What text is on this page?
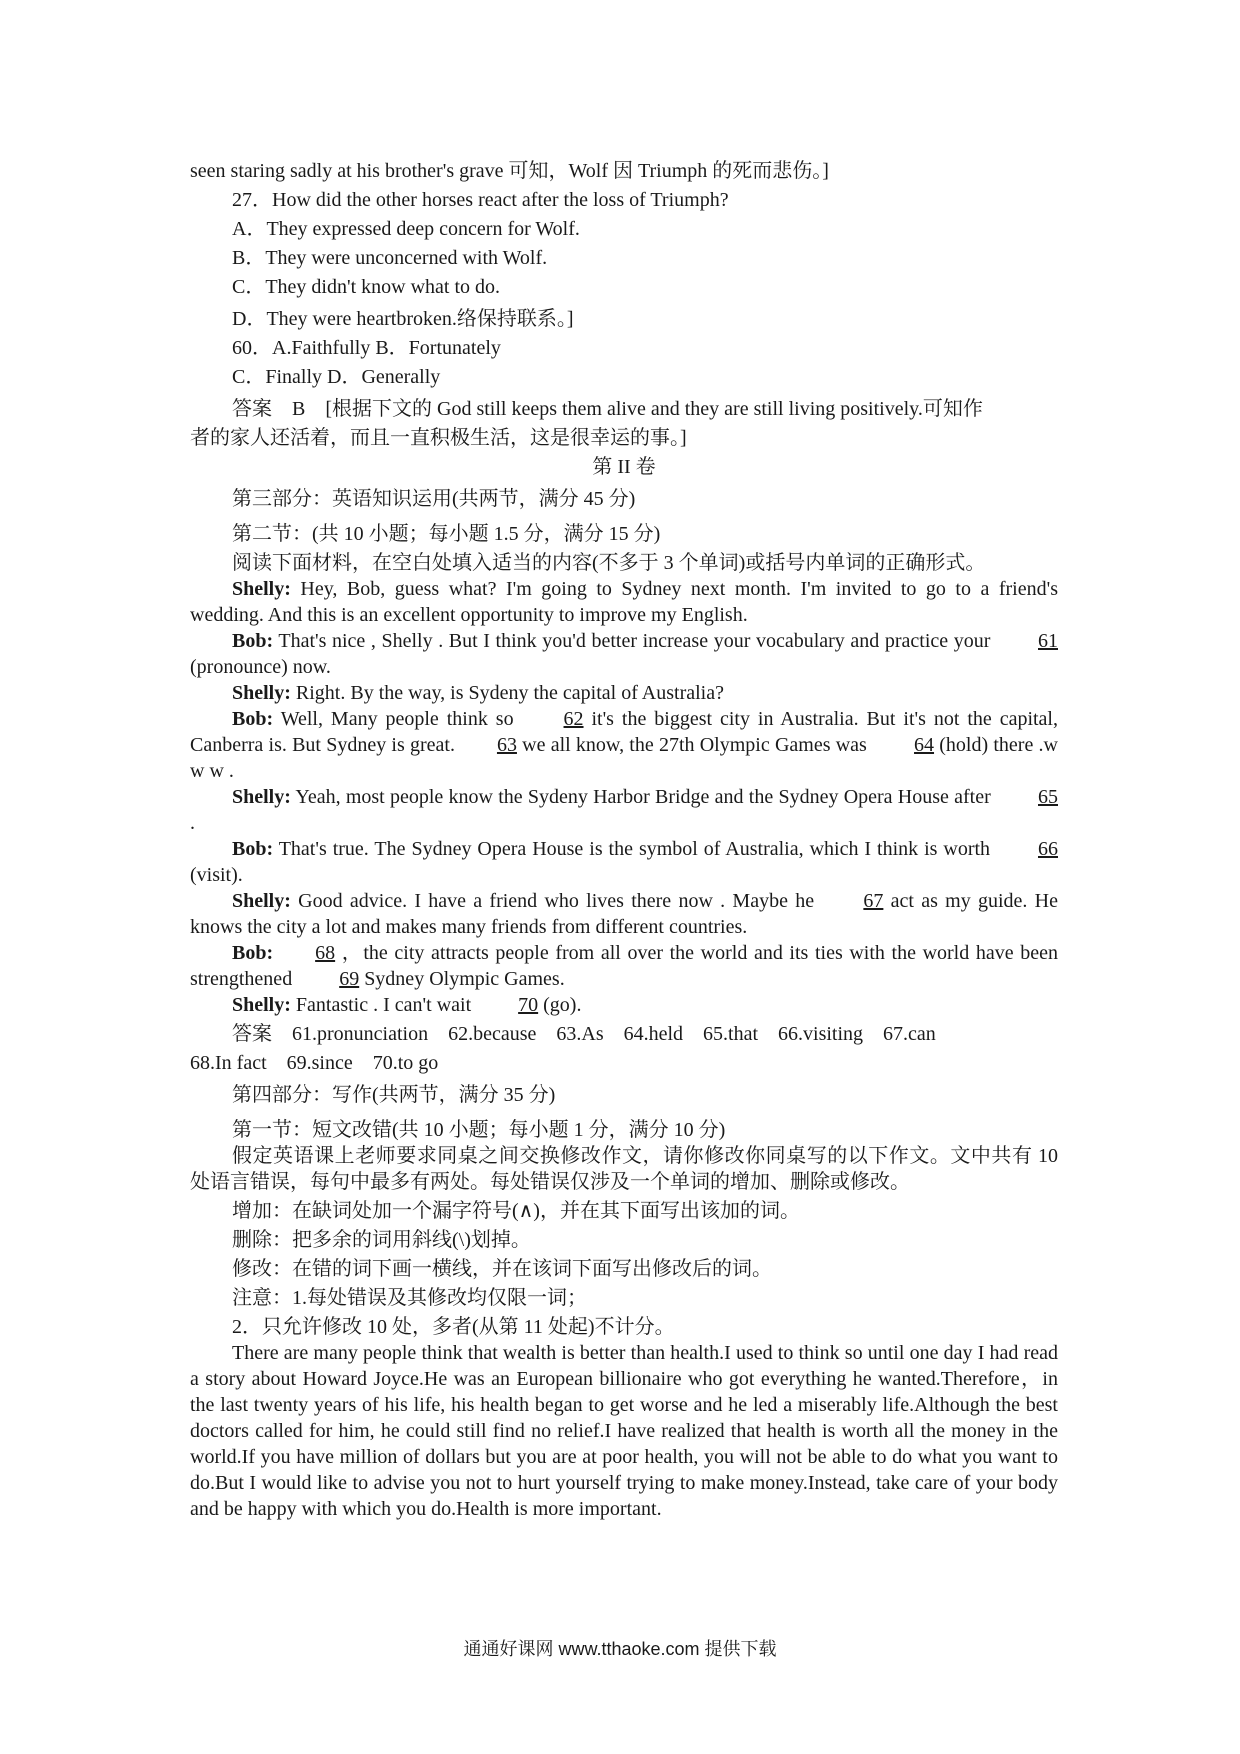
seen staring sadly at his brother's grave 可知，Wolf 因 Triumph 的死而悲伤。]

27．How did the other horses react after the loss of Triumph?

A．They expressed deep concern for Wolf.

B．They were unconcerned with Wolf.

C．They didn't know what to do.

D．They were heartbroken.络保持联系。]

60．A.Faithfully B．Fortunately

C．Finally D．Generally

答案　B　[根据下文的 God still keeps them alive and they are still living positively.可知作

者的家人还活着，而且一直积极生活，这是很幸运的事。]

第 II 卷

第三部分：英语知识运用(共两节，满分 45 分)

第二节：(共 10 小题；每小题 1.5 分，满分 15 分)

阅读下面材料，在空白处填入适当的内容(不多于 3 个单词)或括号内单词的正确形式。

Shelly: Hey, Bob, guess what? I'm going to Sydney next month. I'm invited to go to a friend's wedding. And this is an excellent opportunity to improve my English.

Bob: That's nice , Shelly . But I think you'd better increase your vocabulary and practice your 61 (pronounce) now.

Shelly: Right. By the way, is Sydeny the capital of Australia?

Bob: Well, Many people think so 62 it's the biggest city in Australia. But it's not the capital, Canberra is. But Sydney is great. 63 we all know, the 27th Olympic Games was 64 (hold) there .w w w .

Shelly: Yeah, most people know the Sydeny Harbor Bridge and the Sydney Opera House after 65.

Bob: That's true. The Sydney Opera House is the symbol of Australia, which I think is worth 66 (visit).

Shelly: Good advice. I have a friend who lives there now . Maybe he 67 act as my guide. He knows the city a lot and makes many friends from different countries.

Bob: 68 ，the city attracts people from all over the world and its ties with the world have been strengthened 69 Sydney Olympic Games.

Shelly: Fantastic . I can't wait 70 (go).

答案　61.pronunciation　62.because　63.As　64.held　65.that　66.visiting　67.can

68.In fact　69.since　70.to go

第四部分：写作(共两节，满分 35 分)

第一节：短文改错(共 10 小题；每小题 1 分，满分 10 分)

假定英语课上老师要求同桌之间交换修改作文，请你修改你同桌写的以下作文。文中共有 10 处语言错误，每句中最多有两处。每处错误仅涉及一个单词的增加、删除或修改。

增加：在缺词处加一个漏字符号(∧)，并在其下面写出该加的词。

删除：把多余的词用斜线(\)划掉。

修改：在错的词下画一横线，并在该词下面写出修改后的词。

注意：1.每处错误及其修改均仅限一词；

2．只允许修改 10 处，多者(从第 11 处起)不计分。

There are many people think that wealth is better than health.I used to think so until one day I had read a story about Howard Joyce.He was an European billionaire who got everything he wanted.Therefore，in the last twenty years of his life, his health began to get worse and he led a miserably life.Although the best doctors called for him, he could still find no relief.I have realized that health is worth all the money in the world.If you have million of dollars but you are at poor health, you will not be able to do what you want to do.But I would like to advise you not to hurt yourself trying to make money.Instead, take care of your body and be happy with which you do.Health is more important.

通通好课网 www.tthaoke.com 提供下载
